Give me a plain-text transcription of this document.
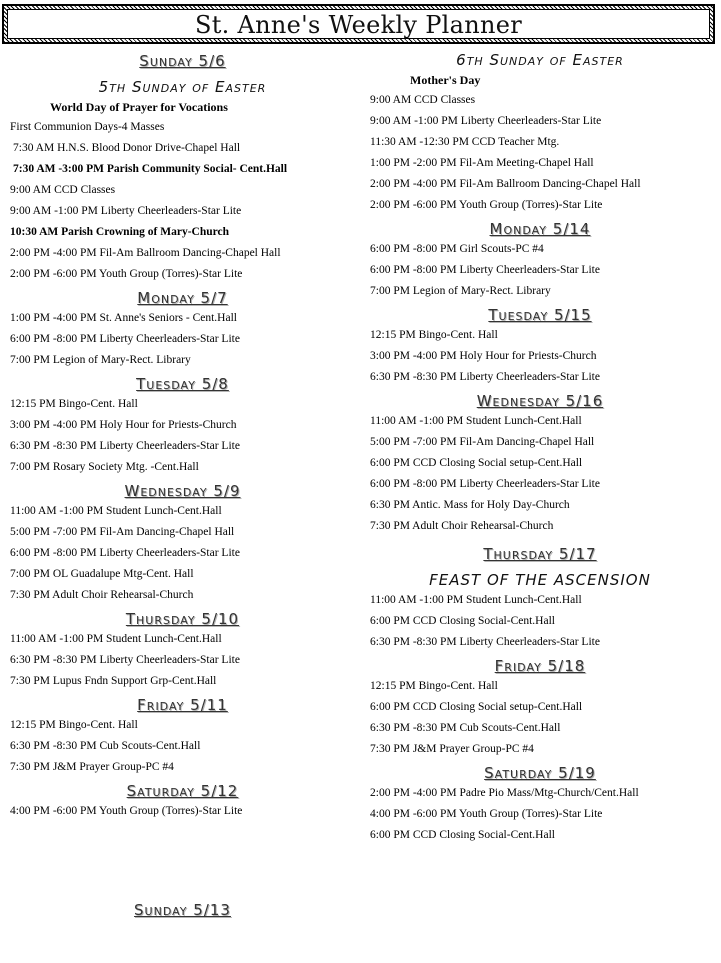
St. Anne's Weekly Planner
Sunday 5/6
5th Sunday of Easter
World Day of Prayer for Vocations
First Communion Days-4 Masses
7:30 AM H.N.S. Blood Donor Drive-Chapel Hall
7:30 AM -3:00 PM Parish Community Social- Cent.Hall
9:00 AM CCD Classes
9:00 AM -1:00 PM Liberty Cheerleaders-Star Lite
10:30 AM Parish Crowning of Mary-Church
2:00 PM -4:00 PM Fil-Am Ballroom Dancing-Chapel Hall
2:00 PM -6:00 PM Youth Group (Torres)-Star Lite
Monday 5/7
1:00 PM -4:00 PM St. Anne's Seniors - Cent.Hall
6:00 PM -8:00 PM Liberty Cheerleaders-Star Lite
7:00 PM Legion of Mary-Rect. Library
Tuesday 5/8
12:15 PM Bingo-Cent. Hall
3:00 PM -4:00 PM Holy Hour for Priests-Church
6:30 PM -8:30 PM Liberty Cheerleaders-Star Lite
7:00 PM Rosary Society Mtg. -Cent.Hall
Wednesday 5/9
11:00 AM -1:00 PM Student Lunch-Cent.Hall
5:00 PM -7:00 PM Fil-Am Dancing-Chapel Hall
6:00 PM -8:00 PM Liberty Cheerleaders-Star Lite
7:00 PM OL Guadalupe Mtg-Cent. Hall
7:30 PM Adult Choir Rehearsal-Church
Thursday 5/10
11:00 AM -1:00 PM Student Lunch-Cent.Hall
6:30 PM -8:30 PM Liberty Cheerleaders-Star Lite
7:30 PM Lupus Fndn Support Grp-Cent.Hall
Friday 5/11
12:15 PM Bingo-Cent. Hall
6:30 PM -8:30 PM Cub Scouts-Cent.Hall
7:30 PM J&M Prayer Group-PC #4
Saturday 5/12
4:00 PM -6:00 PM Youth Group (Torres)-Star Lite
Sunday 5/13
6th Sunday of Easter
Mother's Day
9:00 AM CCD Classes
9:00 AM -1:00 PM Liberty Cheerleaders-Star Lite
11:30 AM -12:30 PM CCD Teacher Mtg.
1:00 PM -2:00 PM Fil-Am Meeting-Chapel Hall
2:00 PM -4:00 PM Fil-Am Ballroom Dancing-Chapel Hall
2:00 PM -6:00 PM Youth Group (Torres)-Star Lite
Monday 5/14
6:00 PM -8:00 PM Girl Scouts-PC #4
6:00 PM -8:00 PM Liberty Cheerleaders-Star Lite
7:00 PM Legion of Mary-Rect. Library
Tuesday 5/15
12:15 PM Bingo-Cent. Hall
3:00 PM -4:00 PM Holy Hour for Priests-Church
6:30 PM -8:30 PM Liberty Cheerleaders-Star Lite
Wednesday 5/16
11:00 AM -1:00 PM Student Lunch-Cent.Hall
5:00 PM -7:00 PM Fil-Am Dancing-Chapel Hall
6:00 PM CCD Closing Social setup-Cent.Hall
6:00 PM -8:00 PM Liberty Cheerleaders-Star Lite
6:30 PM Antic. Mass for Holy Day-Church
7:30 PM Adult Choir Rehearsal-Church
Thursday 5/17
FEAST OF THE ASCENSION
11:00 AM -1:00 PM Student Lunch-Cent.Hall
6:00 PM CCD Closing Social-Cent.Hall
6:30 PM -8:30 PM Liberty Cheerleaders-Star Lite
Friday 5/18
12:15 PM Bingo-Cent. Hall
6:00 PM CCD Closing Social setup-Cent.Hall
6:30 PM -8:30 PM Cub Scouts-Cent.Hall
7:30 PM J&M Prayer Group-PC #4
Saturday 5/19
2:00 PM -4:00 PM Padre Pio Mass/Mtg-Church/Cent.Hall
4:00 PM -6:00 PM Youth Group (Torres)-Star Lite
6:00 PM CCD Closing Social-Cent.Hall
